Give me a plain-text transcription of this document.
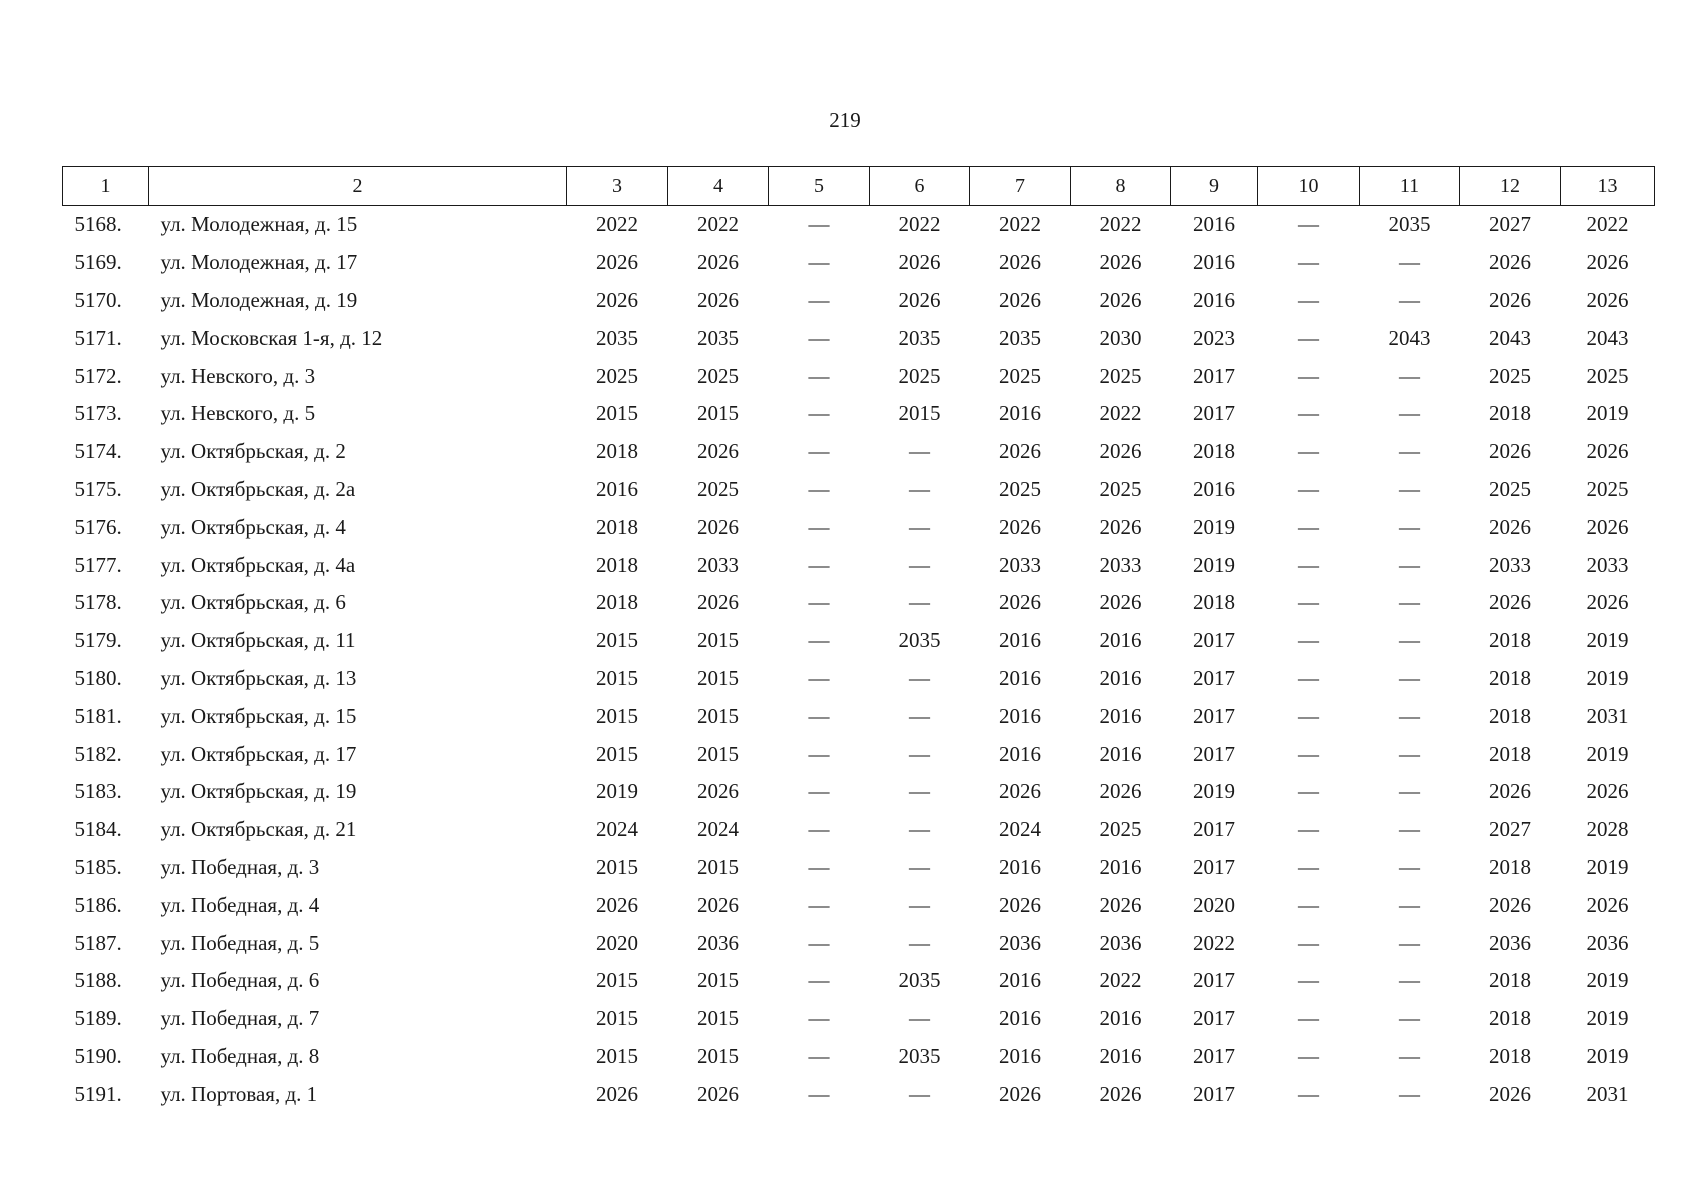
219
1	2	3	4	5	6	7	8	9	10	11	12	13
5168.	ул. Молодежная, д. 15	2022	2022	—	2022	2022	2022	2016	—	2035	2027	2022
5169.	ул. Молодежная, д. 17	2026	2026	—	2026	2026	2026	2016	—	—	2026	2026
5170.	ул. Молодежная, д. 19	2026	2026	—	2026	2026	2026	2016	—	—	2026	2026
5171.	ул. Московская 1-я, д. 12	2035	2035	—	2035	2035	2030	2023	—	2043	2043	2043
5172.	ул. Невского, д. 3	2025	2025	—	2025	2025	2025	2017	—	—	2025	2025
5173.	ул. Невского, д. 5	2015	2015	—	2015	2016	2022	2017	—	—	2018	2019
5174.	ул. Октябрьская, д. 2	2018	2026	—	—	2026	2026	2018	—	—	2026	2026
5175.	ул. Октябрьская, д. 2а	2016	2025	—	—	2025	2025	2016	—	—	2025	2025
5176.	ул. Октябрьская, д. 4	2018	2026	—	—	2026	2026	2019	—	—	2026	2026
5177.	ул. Октябрьская, д. 4а	2018	2033	—	—	2033	2033	2019	—	—	2033	2033
5178.	ул. Октябрьская, д. 6	2018	2026	—	—	2026	2026	2018	—	—	2026	2026
5179.	ул. Октябрьская, д. 11	2015	2015	—	2035	2016	2016	2017	—	—	2018	2019
5180.	ул. Октябрьская, д. 13	2015	2015	—	—	2016	2016	2017	—	—	2018	2019
5181.	ул. Октябрьская, д. 15	2015	2015	—	—	2016	2016	2017	—	—	2018	2031
5182.	ул. Октябрьская, д. 17	2015	2015	—	—	2016	2016	2017	—	—	2018	2019
5183.	ул. Октябрьская, д. 19	2019	2026	—	—	2026	2026	2019	—	—	2026	2026
5184.	ул. Октябрьская, д. 21	2024	2024	—	—	2024	2025	2017	—	—	2027	2028
5185.	ул. Победная, д. 3	2015	2015	—	—	2016	2016	2017	—	—	2018	2019
5186.	ул. Победная, д. 4	2026	2026	—	—	2026	2026	2020	—	—	2026	2026
5187.	ул. Победная, д. 5	2020	2036	—	—	2036	2036	2022	—	—	2036	2036
5188.	ул. Победная, д. 6	2015	2015	—	2035	2016	2022	2017	—	—	2018	2019
5189.	ул. Победная, д. 7	2015	2015	—	—	2016	2016	2017	—	—	2018	2019
5190.	ул. Победная, д. 8	2015	2015	—	2035	2016	2016	2017	—	—	2018	2019
5191.	ул. Портовая, д. 1	2026	2026	—	—	2026	2026	2017	—	—	2026	2031
